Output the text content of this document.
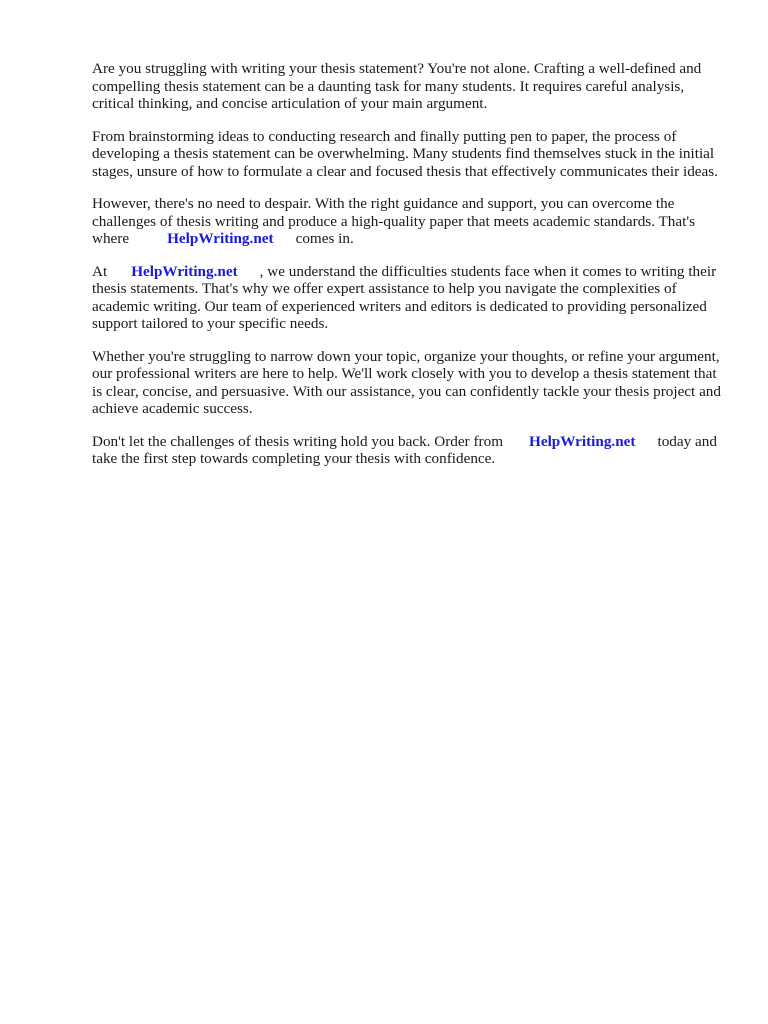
Are you struggling with writing your thesis statement? You're not alone. Crafting a well-defined and compelling thesis statement can be a daunting task for many students. It requires careful analysis, critical thinking, and concise articulation of your main argument.

From brainstorming ideas to conducting research and finally putting pen to paper, the process of developing a thesis statement can be overwhelming. Many students find themselves stuck in the initial stages, unsure of how to formulate a clear and focused thesis that effectively communicates their ideas.

However, there's no need to despair. With the right guidance and support, you can overcome the challenges of thesis writing and produce a high-quality paper that meets academic standards. That's where	HelpWriting.net comes in.

At HelpWriting.net , we understand the difficulties students face when it comes to writing their thesis statements. That's why we offer expert assistance to help you navigate the complexities of academic writing. Our team of experienced writers and editors is dedicated to providing personalized support tailored to your specific needs.

Whether you're struggling to narrow down your topic, organize your thoughts, or refine your argument, our professional writers are here to help. We'll work closely with you to develop a thesis statement that is clear, concise, and persuasive. With our assistance, you can confidently tackle your thesis project and achieve academic success.

Don't let the challenges of thesis writing hold you back. Order from HelpWriting.net today and take the first step towards completing your thesis with confidence.
